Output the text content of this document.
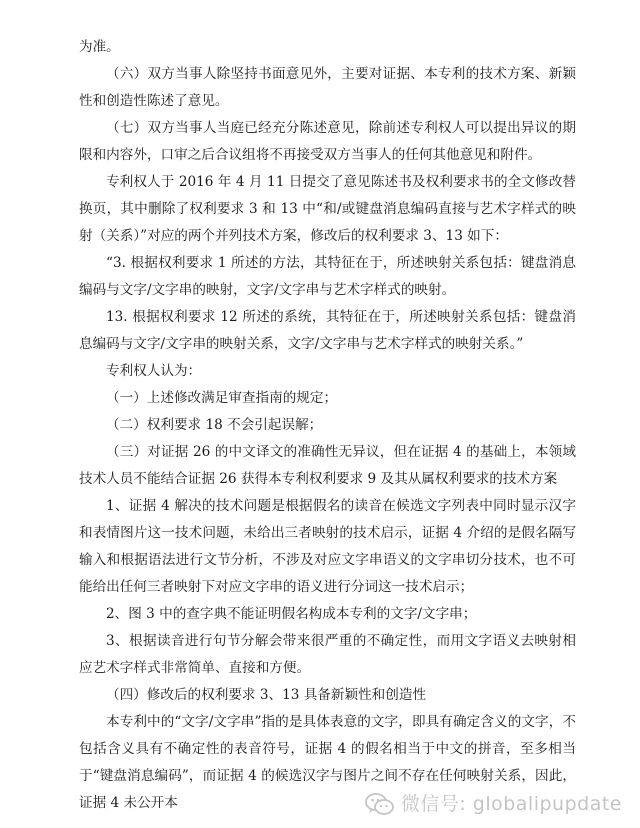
为准。

（六）双方当事人除坚持书面意见外，主要对证据、本专利的技术方案、新颖性和创造性陈述了意见。

（七）双方当事人当庭已经充分陈述意见，除前述专利权人可以提出异议的期限和内容外，口审之后合议组将不再接受双方当事人的任何其他意见和附件。

专利权人于 2016 年 4 月 11 日提交了意见陈述书及权利要求书的全文修改替换页，其中删除了权利要求 3 和 13 中“和/或键盘消息编码直接与艺术字样式的映射（关系）”对应的两个并列技术方案，修改后的权利要求 3、13 如下：

“3. 根据权利要求 1 所述的方法，其特征在于，所述映射关系包括：键盘消息编码与文字/文字串的映射，文字/文字串与艺术字样式的映射。

13. 根据权利要求 12 所述的系统，其特征在于，所述映射关系包括：键盘消息编码与文字/文字串的映射关系，文字/文字串与艺术字样式的映射关系。”

专利权人认为：

（一）上述修改满足审查指南的规定；

（二）权利要求 18 不会引起误解；

（三）对证据 26 的中文译文的准确性无异议，但在证据 4 的基础上，本领域技术人员不能结合证据 26 获得本专利权利要求 9 及其从属权利要求的技术方案

1、证据 4 解决的技术问题是根据假名的读音在候选文字列表中同时显示汉字和表情图片这一技术问题，未给出三者映射的技术启示，证据 4 介绍的是假名隔写输入和根据语法进行文节分析，不涉及对应文字串语义的文字串切分技术，也不可能给出任何三者映射下对应文字串的语义进行分词这一技术启示；

2、图 3 中的查字典不能证明假名构成本专利的文字/文字串；

3、根据读音进行句节分解会带来很严重的不确定性，而用文字语义去映射相应艺术字样式非常简单、直接和方便。

（四）修改后的权利要求 3、13 具备新颖性和创造性

本专利中的“文字/文字串”指的是具体表意的文字，即具有确定含义的文字，不包括含义具有不确定性的表音符号，证据 4 的假名相当于中文的拼音，至多相当于“键盘消息编码”，而证据 4 的候选汉字与图片之间不存在任何映射关系，因此，证据 4 未公开本	微信号: globalipupdate
